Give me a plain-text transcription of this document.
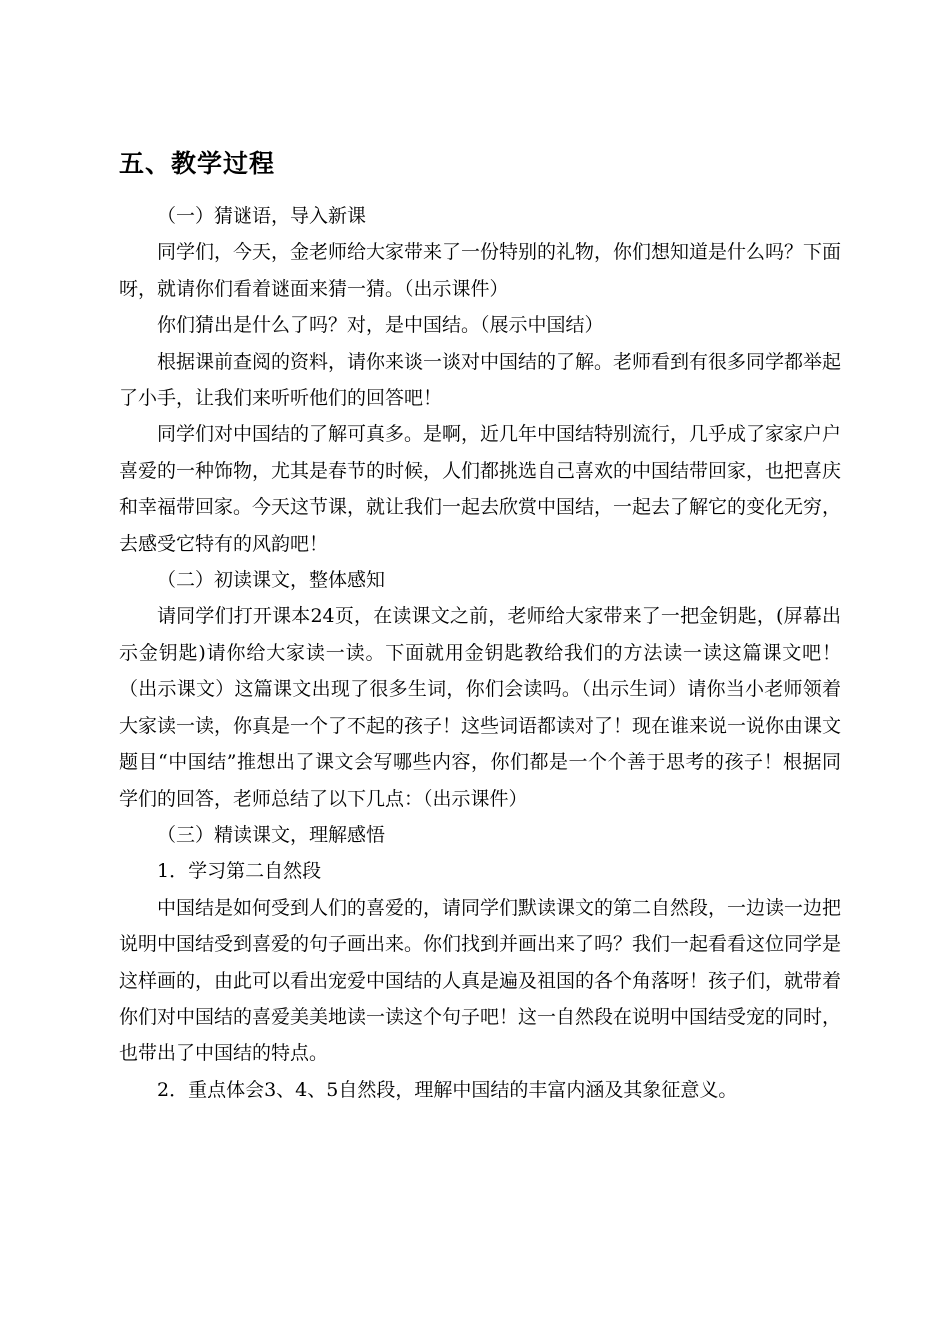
五、教学过程

（一）猜谜语，导入新课

同学们，今天，金老师给大家带来了一份特别的礼物，你们想知道是什么吗？下面呀，就请你们看着谜面来猜一猜。（出示课件）

你们猜出是什么了吗？对，是中国结。（展示中国结）

根据课前查阅的资料，请你来谈一谈对中国结的了解。老师看到有很多同学都举起了小手，让我们来听听他们的回答吧！

同学们对中国结的了解可真多。是啊，近几年中国结特别流行，几乎成了家家户户喜爱的一种饰物，尤其是春节的时候，人们都挑选自己喜欢的中国结带回家，也把喜庆和幸福带回家。今天这节课，就让我们一起去欣赏中国结，一起去了解它的变化无穷，去感受它特有的风韵吧！

（二）初读课文，整体感知

请同学们打开课本24页，在读课文之前，老师给大家带来了一把金钥匙，(屏幕出示金钥匙)请你给大家读一读。下面就用金钥匙教给我们的方法读一读这篇课文吧！（出示课文）这篇课文出现了很多生词，你们会读吗。（出示生词）请你当小老师领着大家读一读，你真是一个了不起的孩子！这些词语都读对了！现在谁来说一说你由课文题目“中国结”推想出了课文会写哪些内容，你们都是一个个善于思考的孩子！根据同学们的回答，老师总结了以下几点：（出示课件）

（三）精读课文，理解感悟

1．学习第二自然段

中国结是如何受到人们的喜爱的，请同学们默读课文的第二自然段，一边读一边把说明中国结受到喜爱的句子画出来。你们找到并画出来了吗？我们一起看看这位同学是这样画的，由此可以看出宠爱中国结的人真是遍及祖国的各个角落呀！孩子们，就带着你们对中国结的喜爱美美地读一读这个句子吧！这一自然段在说明中国结受宠的同时，也带出了中国结的特点。

2．重点体会3、4、5自然段，理解中国结的丰富内涵及其象征意义。
